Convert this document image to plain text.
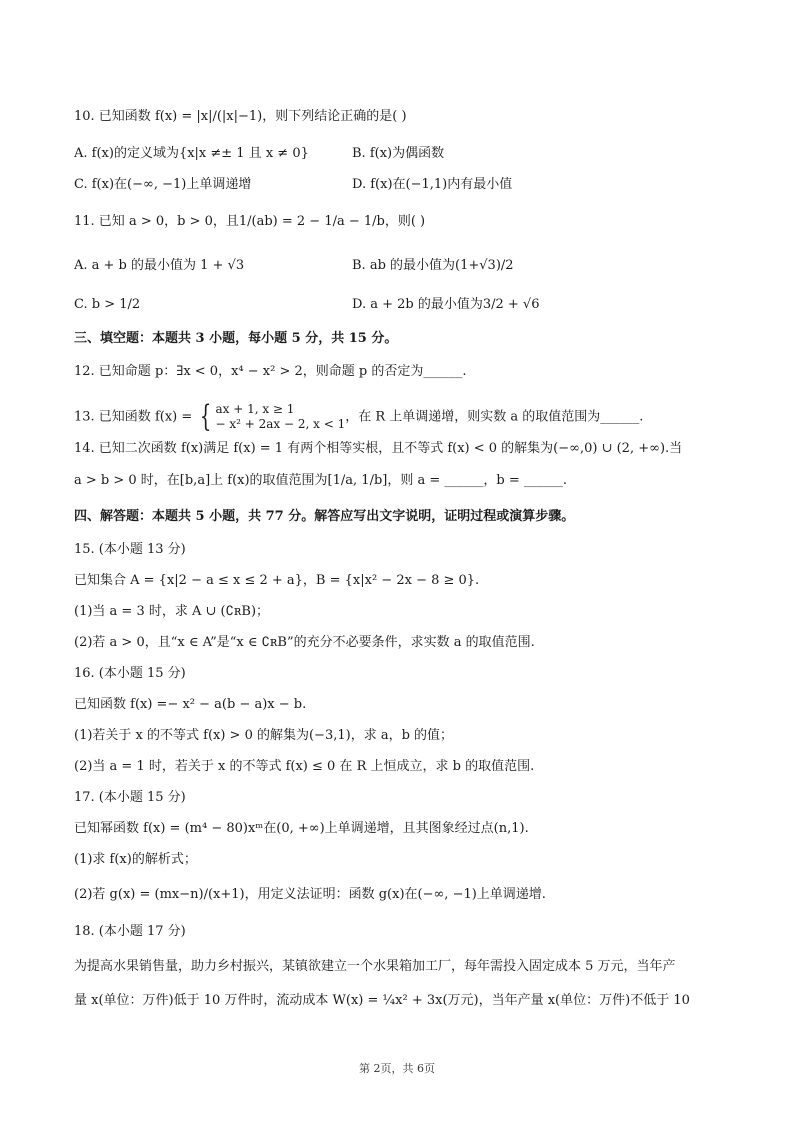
10. 已知函数 f(x) = |x|/(|x|−1)，则下列结论正确的是( )
A. f(x)的定义域为{x|x ≠± 1 且 x ≠ 0}	B. f(x)为偶函数
C. f(x)在(−∞, −1)上单调递增	D. f(x)在(−1,1)内有最小值
11. 已知 a > 0，b > 0，且1/(ab) = 2 − 1/a − 1/b，则( )
A. a + b 的最小值为 1 + √3	B. ab 的最小值为(1+√3)/2
C. b > 1/2	D. a + 2b 的最小值为3/2 + √6
三、填空题：本题共 3 小题，每小题 5 分，共 15 分。
12. 已知命题 p：∃x < 0，x⁴ − x² > 2，则命题 p 的否定为______.
13. 已知函数 f(x) = { ax + 1, x ≥ 1
− x² + 2ax − 2, x < 1 ，在 R 上单调递增，则实数 a 的取值范围为______.
14. 已知二次函数 f(x)满足 f(x) = 1 有两个相等实根，且不等式 f(x) < 0 的解集为(−∞,0) ∪ (2, +∞).当
a > b > 0 时，在[b,a]上 f(x)的取值范围为[1/a, 1/b]，则 a = ______，b = ______.
四、解答题：本题共 5 小题，共 77 分。解答应写出文字说明，证明过程或演算步骤。
15. (本小题 13 分)
已知集合 A = {x|2 − a ≤ x ≤ 2 + a}，B = {x|x² − 2x − 8 ≥ 0}.
(1)当 a = 3 时，求 A ∪ (∁ʀB)；
(2)若 a > 0，且“x ∈ A”是“x ∈ ∁ʀB”的充分不必要条件，求实数 a 的取值范围.
16. (本小题 15 分)
已知函数 f(x) =− x² − a(b − a)x − b.
(1)若关于 x 的不等式 f(x) > 0 的解集为(−3,1)，求 a，b 的值；
(2)当 a = 1 时，若关于 x 的不等式 f(x) ≤ 0 在 R 上恒成立，求 b 的取值范围.
17. (本小题 15 分)
已知幂函数 f(x) = (m⁴ − 80)xᵐ在(0, +∞)上单调递增，且其图象经过点(n,1).
(1)求 f(x)的解析式；
(2)若 g(x) = (mx−n)/(x+1)，用定义法证明：函数 g(x)在(−∞, −1)上单调递增.
18. (本小题 17 分)
为提高水果销售量，助力乡村振兴，某镇欲建立一个水果箱加工厂，每年需投入固定成本 5 万元，当年产
量 x(单位：万件)低于 10 万件时，流动成本 W(x) = ¼x² + 3x(万元)，当年产量 x(单位：万件)不低于 10
第 2页，共 6页
